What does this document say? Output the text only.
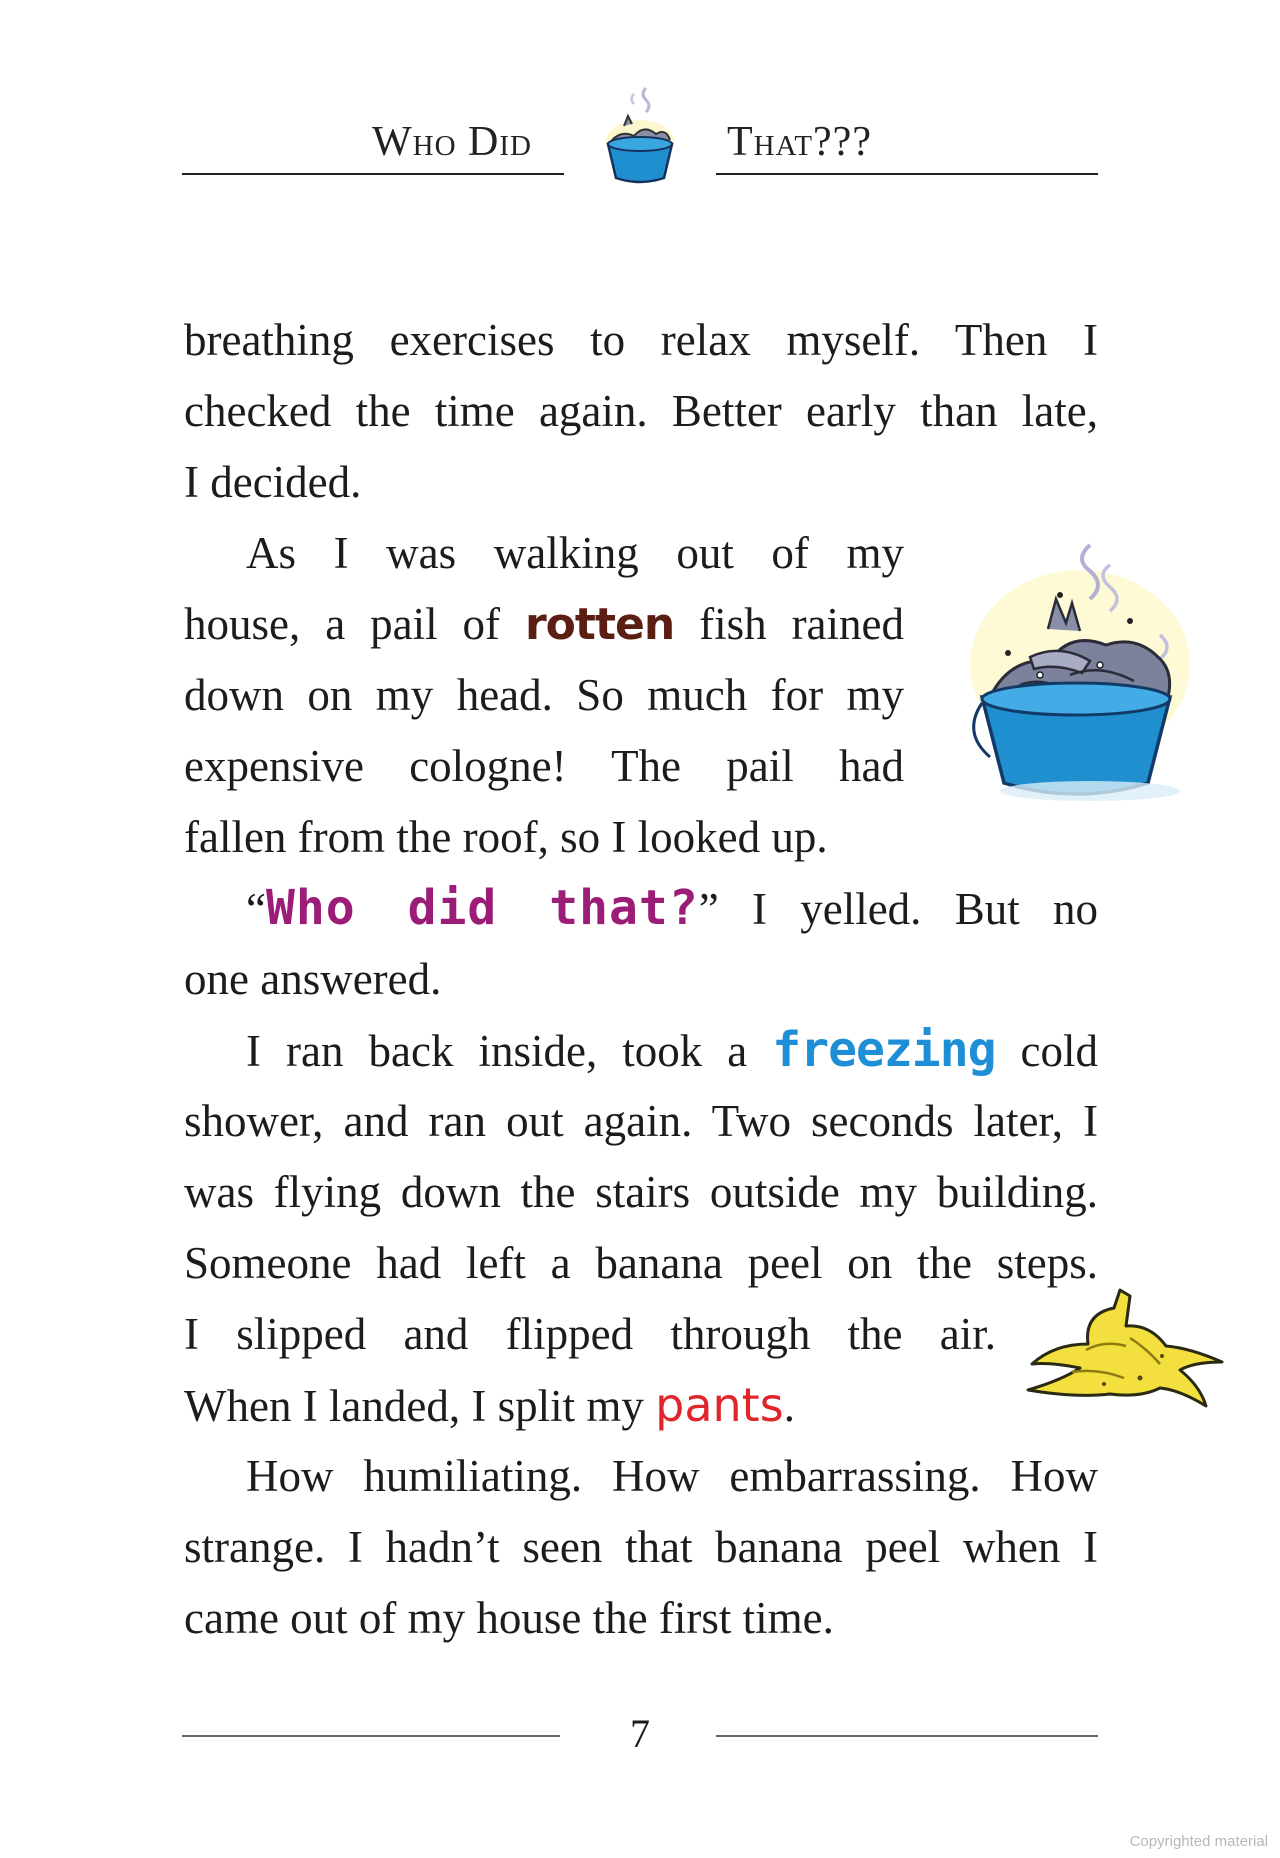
Who Did	That???
breathing exercises to relax myself. Then I
checked the time again. Better early than late,
I decided.
As I was walking out of my
house, a pail of rotten fish rained
down on my head. So much for my
expensive cologne! The pail had
fallen from the roof, so I looked up.
“Who did that?” I yelled. But no
one answered.
I ran back inside, took a freezing cold
shower, and ran out again. Two seconds later, I
was flying down the stairs outside my building.
Someone had left a banana peel on the steps.
I slipped and flipped through the air.
When I landed, I split my pants.
How humiliating. How embarrassing. How
strange. I hadn’t seen that banana peel when I
came out of my house the first time.
7
Copyrighted material
